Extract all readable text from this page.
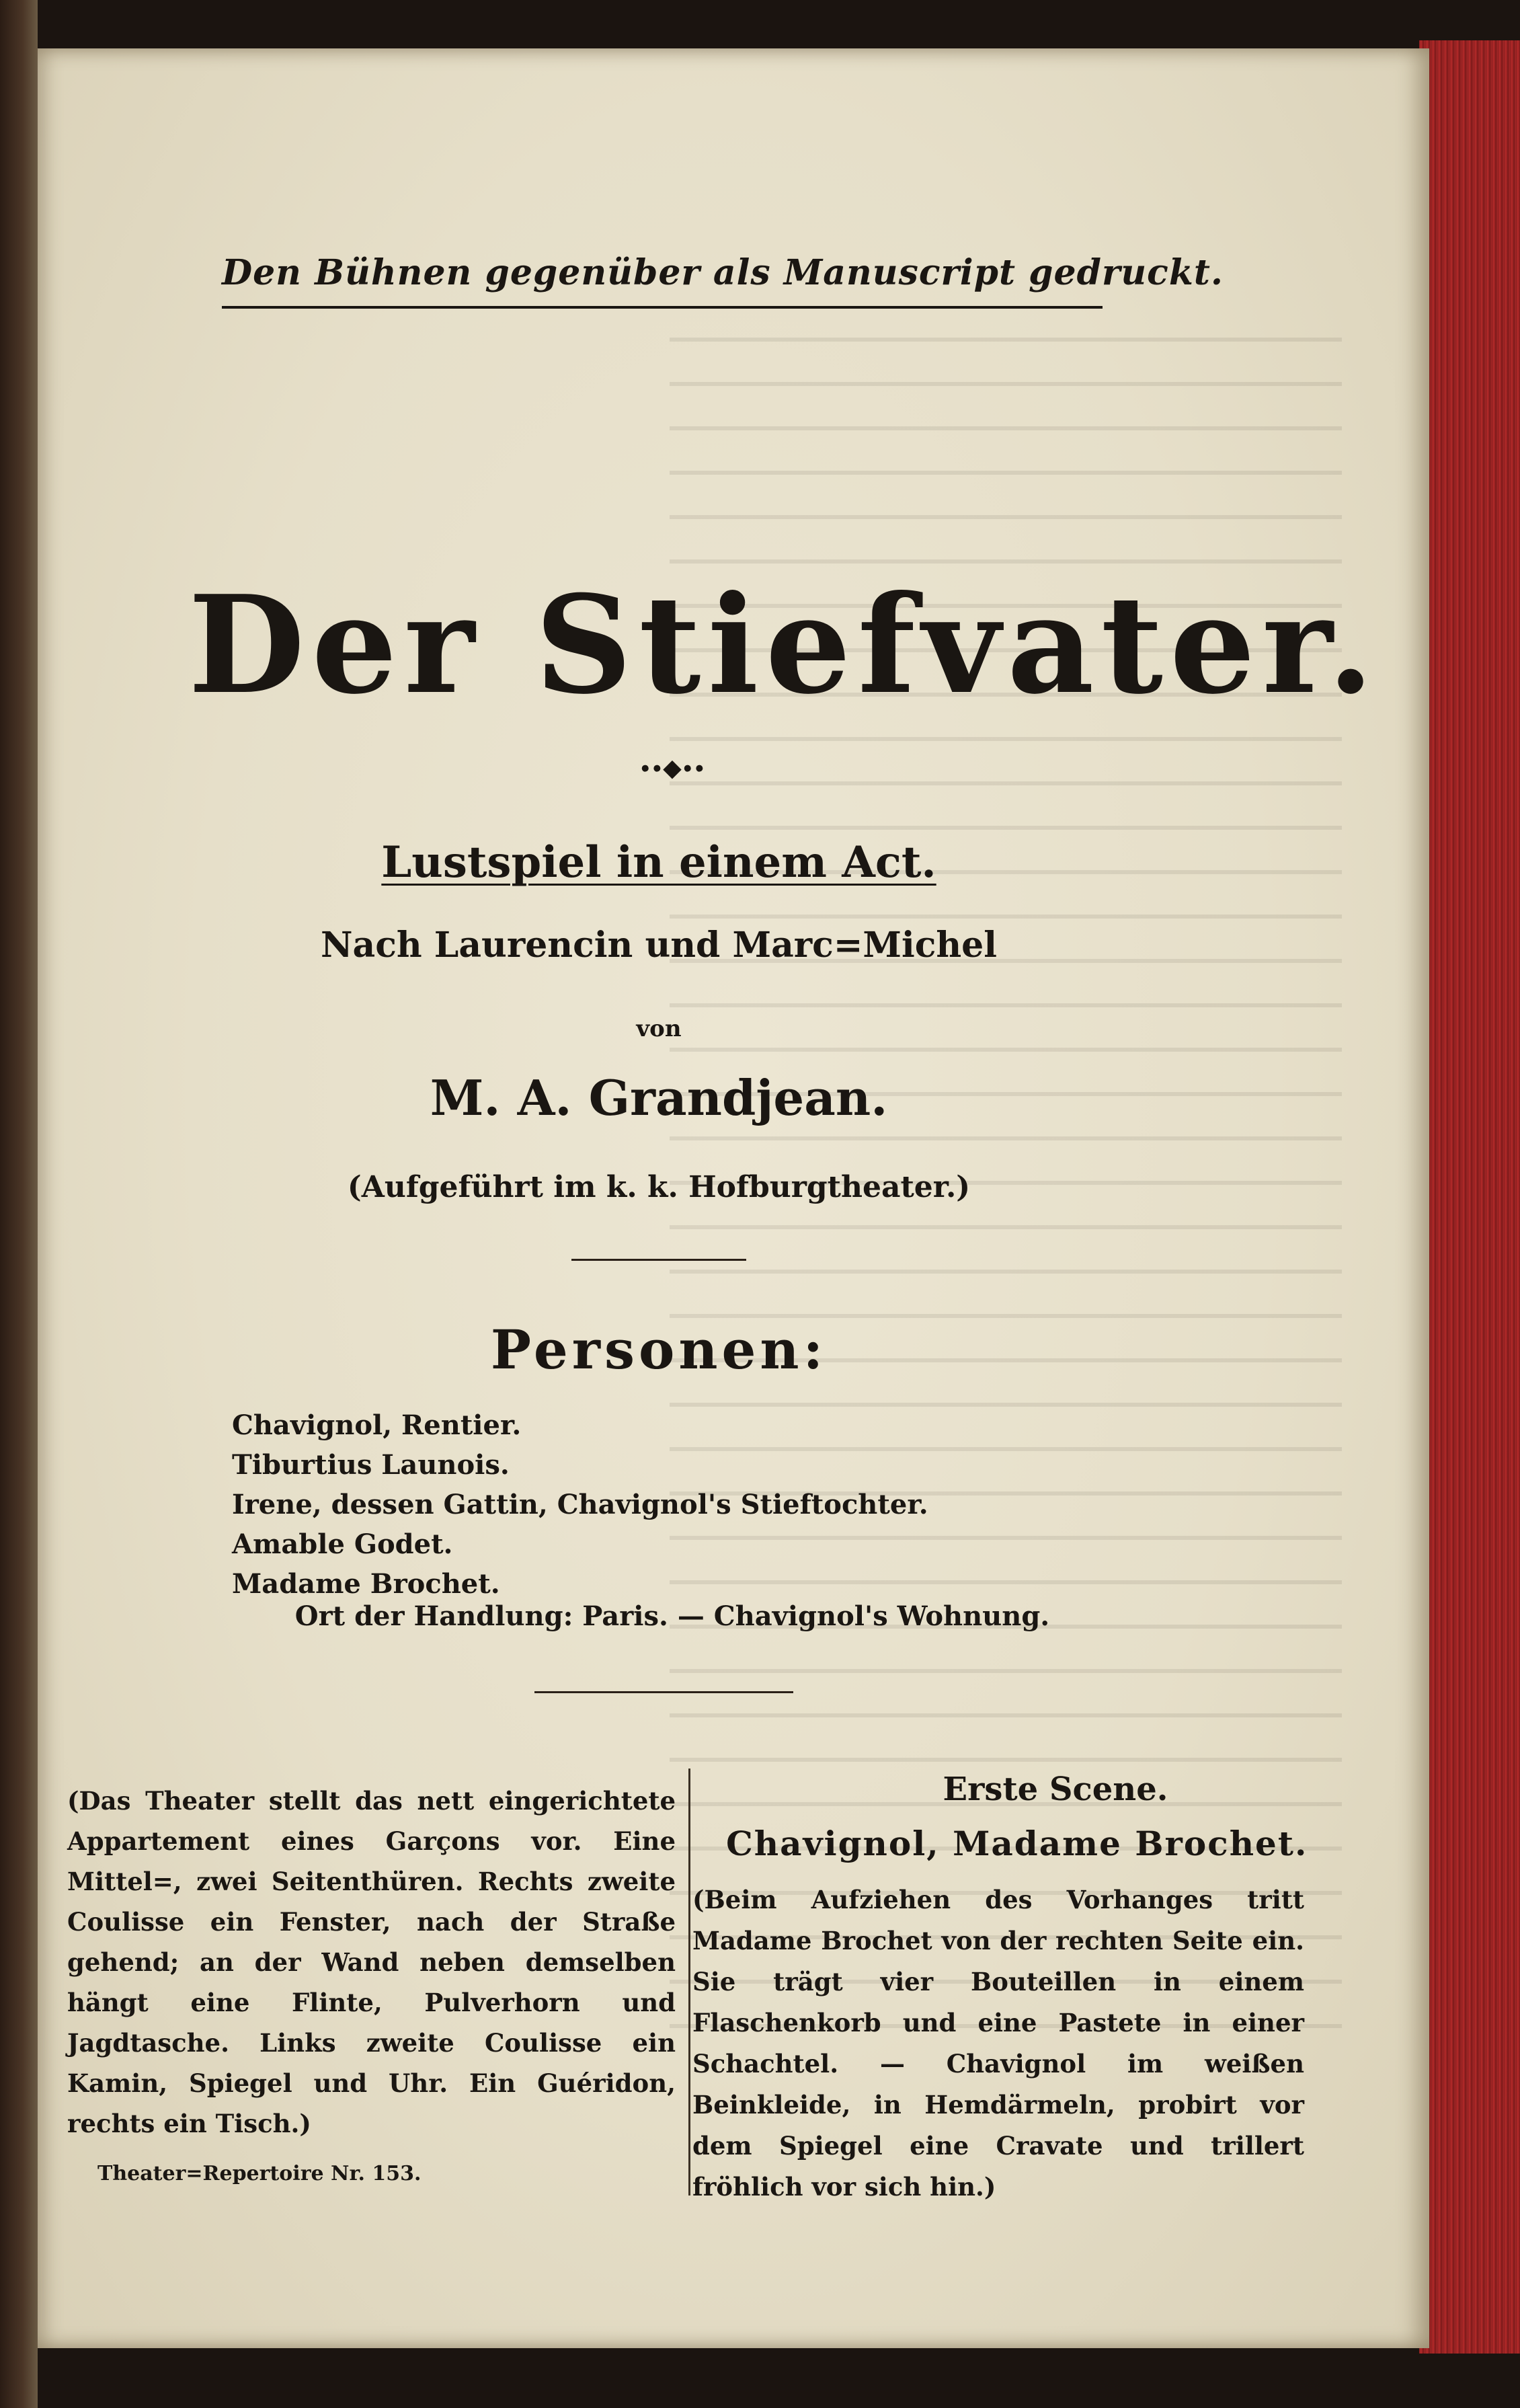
Den Bühnen gegenüber als Manuscript gedruckt.
Der Stiefvater.
∙∙◆∙∙
Lustspiel in einem Act.
Nach Laurencin und Marc=Michel
von
M. A. Grandjean.
(Aufgeführt im k. k. Hofburgtheater.)
Personen:
Chavignol, Rentier.
Tiburtius Launois.
Irene, dessen Gattin, Chavignol's Stieftochter.
Amable Godet.
Madame Brochet.
Ort der Handlung: Paris. — Chavignol's Wohnung.

(Das Theater stellt das nett eingerichtete Appartement eines Garçons vor. Eine Mittel=, zwei Seitenthüren. Rechts zweite Coulisse ein Fenster, nach der Straße gehend; an der Wand neben demselben hängt eine Flinte, Pulverhorn und Jagdtasche. Links zweite Coulisse ein Kamin, Spiegel und Uhr. Ein Guéridon, rechts ein Tisch.)

Erste Scene.
Chavignol, Madame Brochet.

(Beim Aufziehen des Vorhanges tritt Madame Brochet von der rechten Seite ein. Sie trägt vier Bouteillen in einem Flaschenkorb und eine Pastete in einer Schachtel. — Chavignol im weißen Beinkleide, in Hemdärmeln, probirt vor dem Spiegel eine Cravate und trillert fröhlich vor sich hin.)

Theater=Repertoire Nr. 153.
